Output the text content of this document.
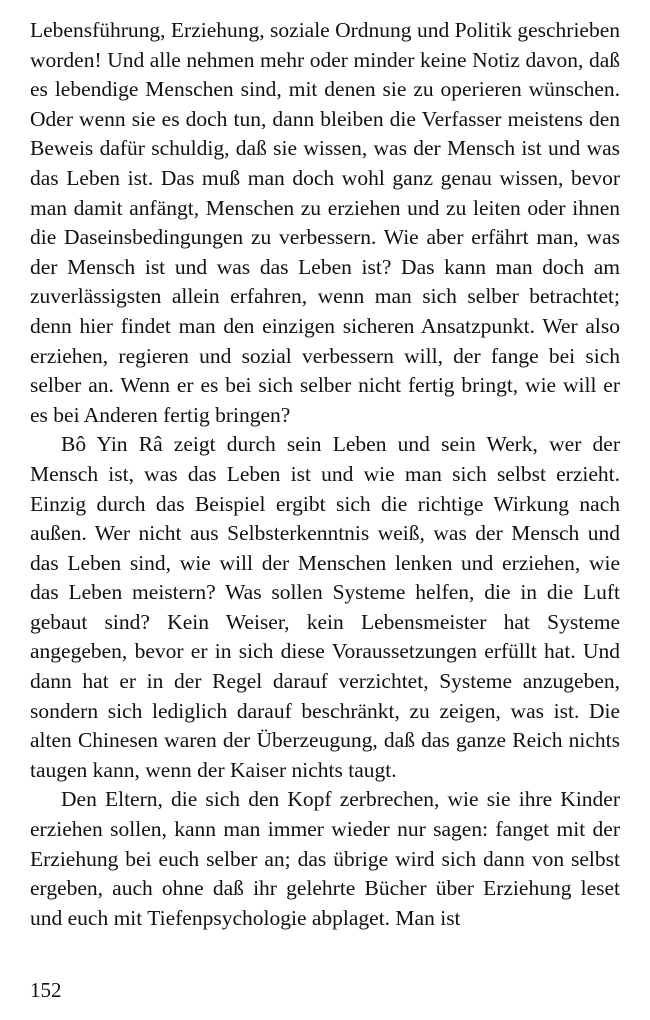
Lebensführung, Erziehung, soziale Ordnung und Politik geschrieben worden! Und alle nehmen mehr oder minder keine Notiz davon, daß es lebendige Menschen sind, mit denen sie zu operieren wünschen. Oder wenn sie es doch tun, dann bleiben die Verfasser meistens den Beweis dafür schuldig, daß sie wissen, was der Mensch ist und was das Leben ist. Das muß man doch wohl ganz genau wissen, bevor man damit anfängt, Menschen zu erziehen und zu leiten oder ihnen die Daseinsbedingungen zu verbessern. Wie aber erfährt man, was der Mensch ist und was das Leben ist? Das kann man doch am zuverlässigsten allein erfahren, wenn man sich selber betrachtet; denn hier findet man den einzigen sicheren Ansatzpunkt. Wer also erziehen, regieren und sozial verbessern will, der fange bei sich selber an. Wenn er es bei sich selber nicht fertig bringt, wie will er es bei Anderen fertig bringen?

Bô Yin Râ zeigt durch sein Leben und sein Werk, wer der Mensch ist, was das Leben ist und wie man sich selbst erzieht. Einzig durch das Beispiel ergibt sich die richtige Wirkung nach außen. Wer nicht aus Selbsterkenntnis weiß, was der Mensch und das Leben sind, wie will der Menschen lenken und erziehen, wie das Leben meistern? Was sollen Systeme helfen, die in die Luft gebaut sind? Kein Weiser, kein Lebensmeister hat Systeme angegeben, bevor er in sich diese Voraussetzungen erfüllt hat. Und dann hat er in der Regel darauf verzichtet, Systeme anzugeben, sondern sich lediglich darauf beschränkt, zu zeigen, was ist. Die alten Chinesen waren der Überzeugung, daß das ganze Reich nichts taugen kann, wenn der Kaiser nichts taugt.

Den Eltern, die sich den Kopf zerbrechen, wie sie ihre Kinder erziehen sollen, kann man immer wieder nur sagen: fanget mit der Erziehung bei euch selber an; das übrige wird sich dann von selbst ergeben, auch ohne daß ihr gelehrte Bücher über Erziehung leset und euch mit Tiefenpsychologie abplaget. Man ist

152
